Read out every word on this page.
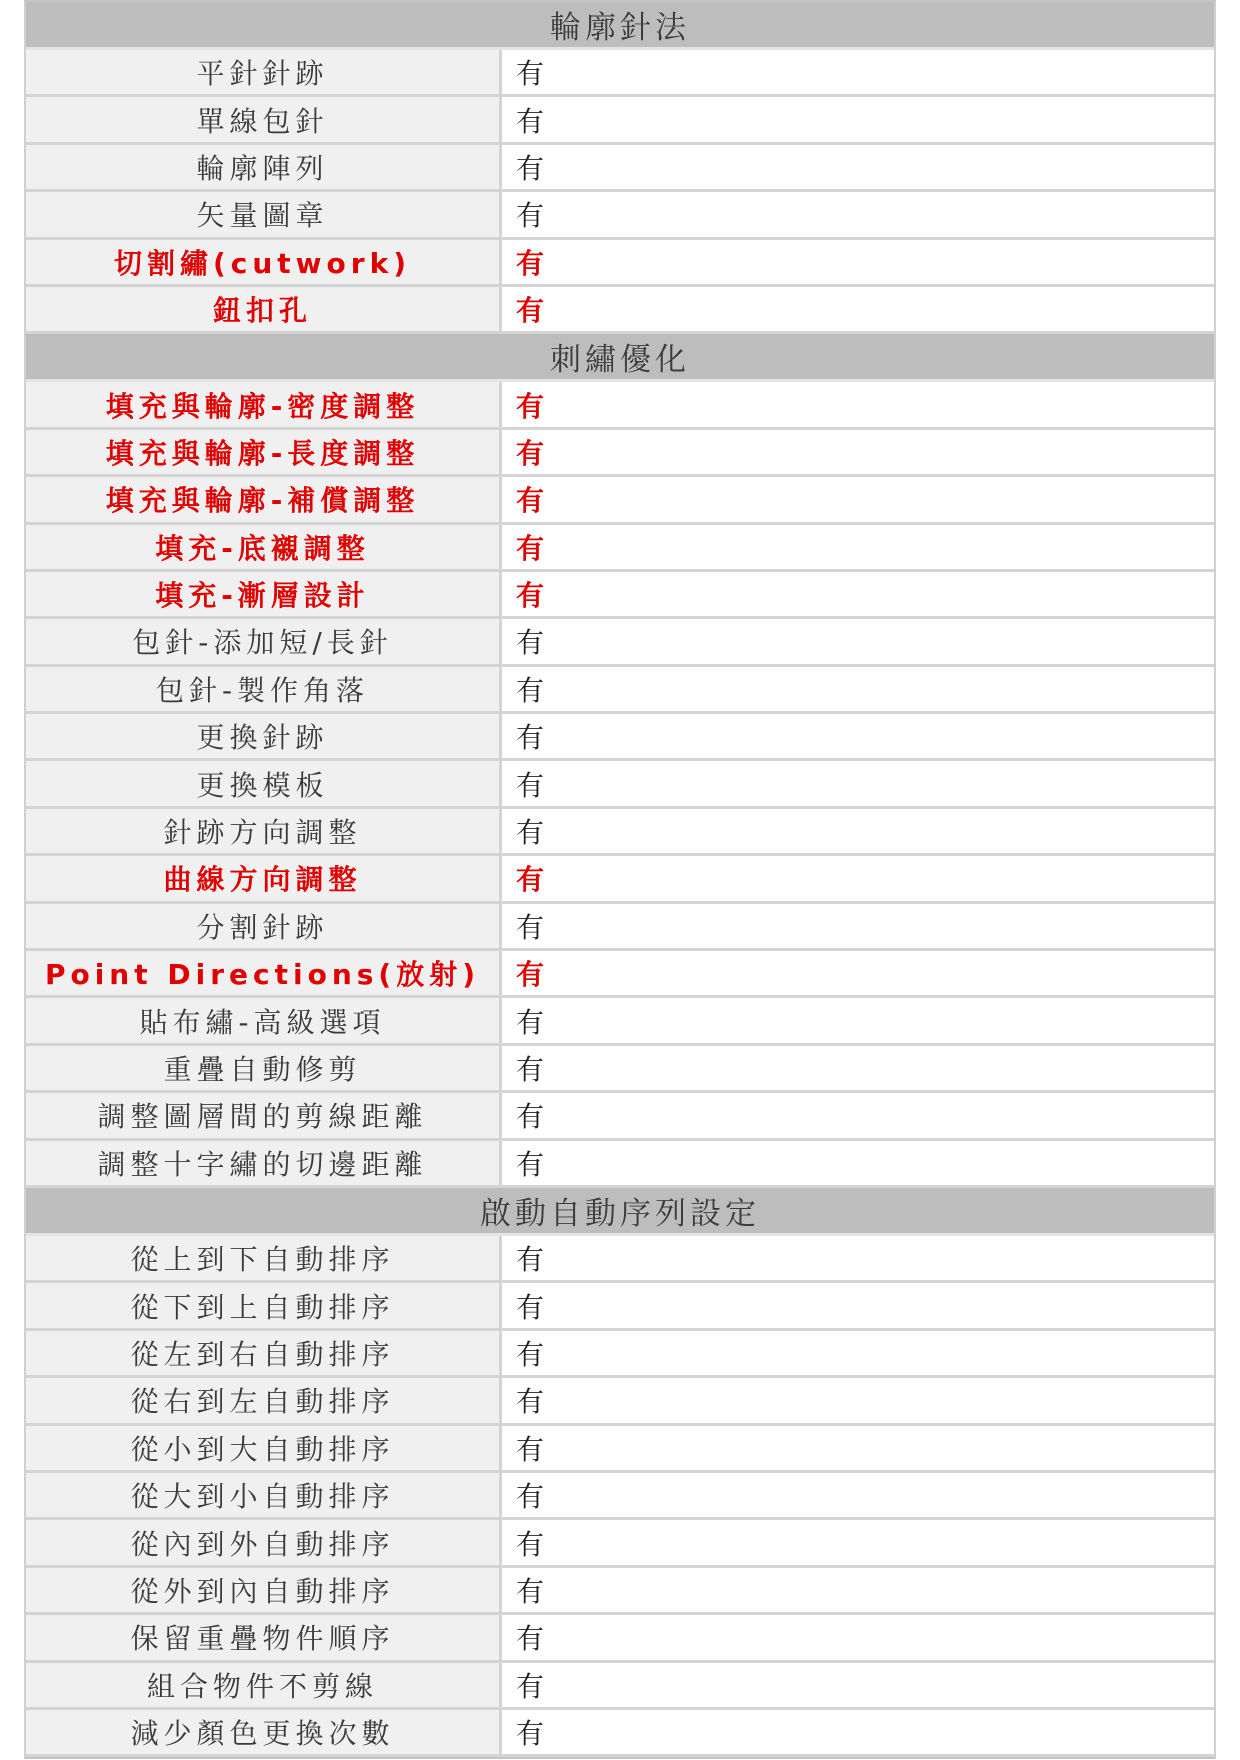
輪廓針法
平針針跡	有
單線包針	有
輪廓陣列	有
矢量圖章	有
切割繡(cutwork)	有
鈕扣孔	有
刺繡優化
填充與輪廓-密度調整	有
填充與輪廓-長度調整	有
填充與輪廓-補償調整	有
填充-底襯調整	有
填充-漸層設計	有
包針-添加短/長針	有
包針-製作角落	有
更換針跡	有
更換模板	有
針跡方向調整	有
曲線方向調整	有
分割針跡	有
Point Directions(放射)	有
貼布繡-高級選項	有
重疊自動修剪	有
調整圖層間的剪線距離	有
調整十字繡的切邊距離	有
啟動自動序列設定
從上到下自動排序	有
從下到上自動排序	有
從左到右自動排序	有
從右到左自動排序	有
從小到大自動排序	有
從大到小自動排序	有
從內到外自動排序	有
從外到內自動排序	有
保留重疊物件順序	有
組合物件不剪線	有
減少顏色更換次數	有
